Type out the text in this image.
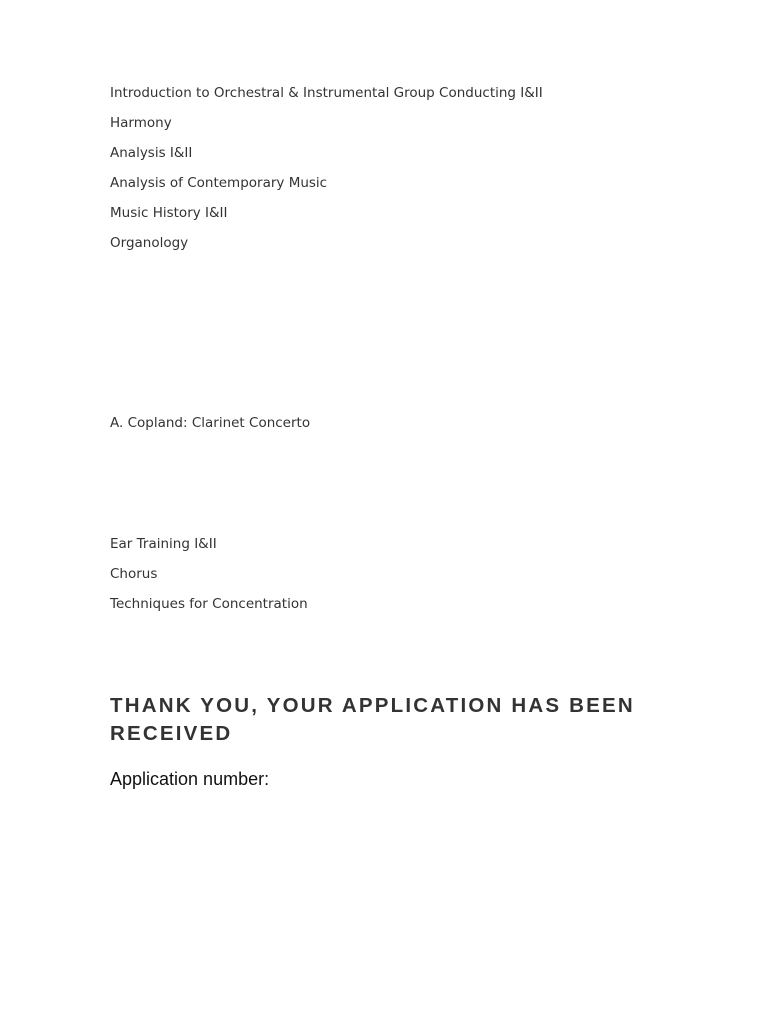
Introduction to Orchestral & Instrumental Group Conducting I&II
Harmony
Analysis I&II
Analysis of Contemporary Music
Music History I&II
Organology
A. Copland: Clarinet Concerto
Ear Training I&II
Chorus
Techniques for Concentration
THANK YOU, YOUR APPLICATION HAS BEEN RECEIVED

Application number:
